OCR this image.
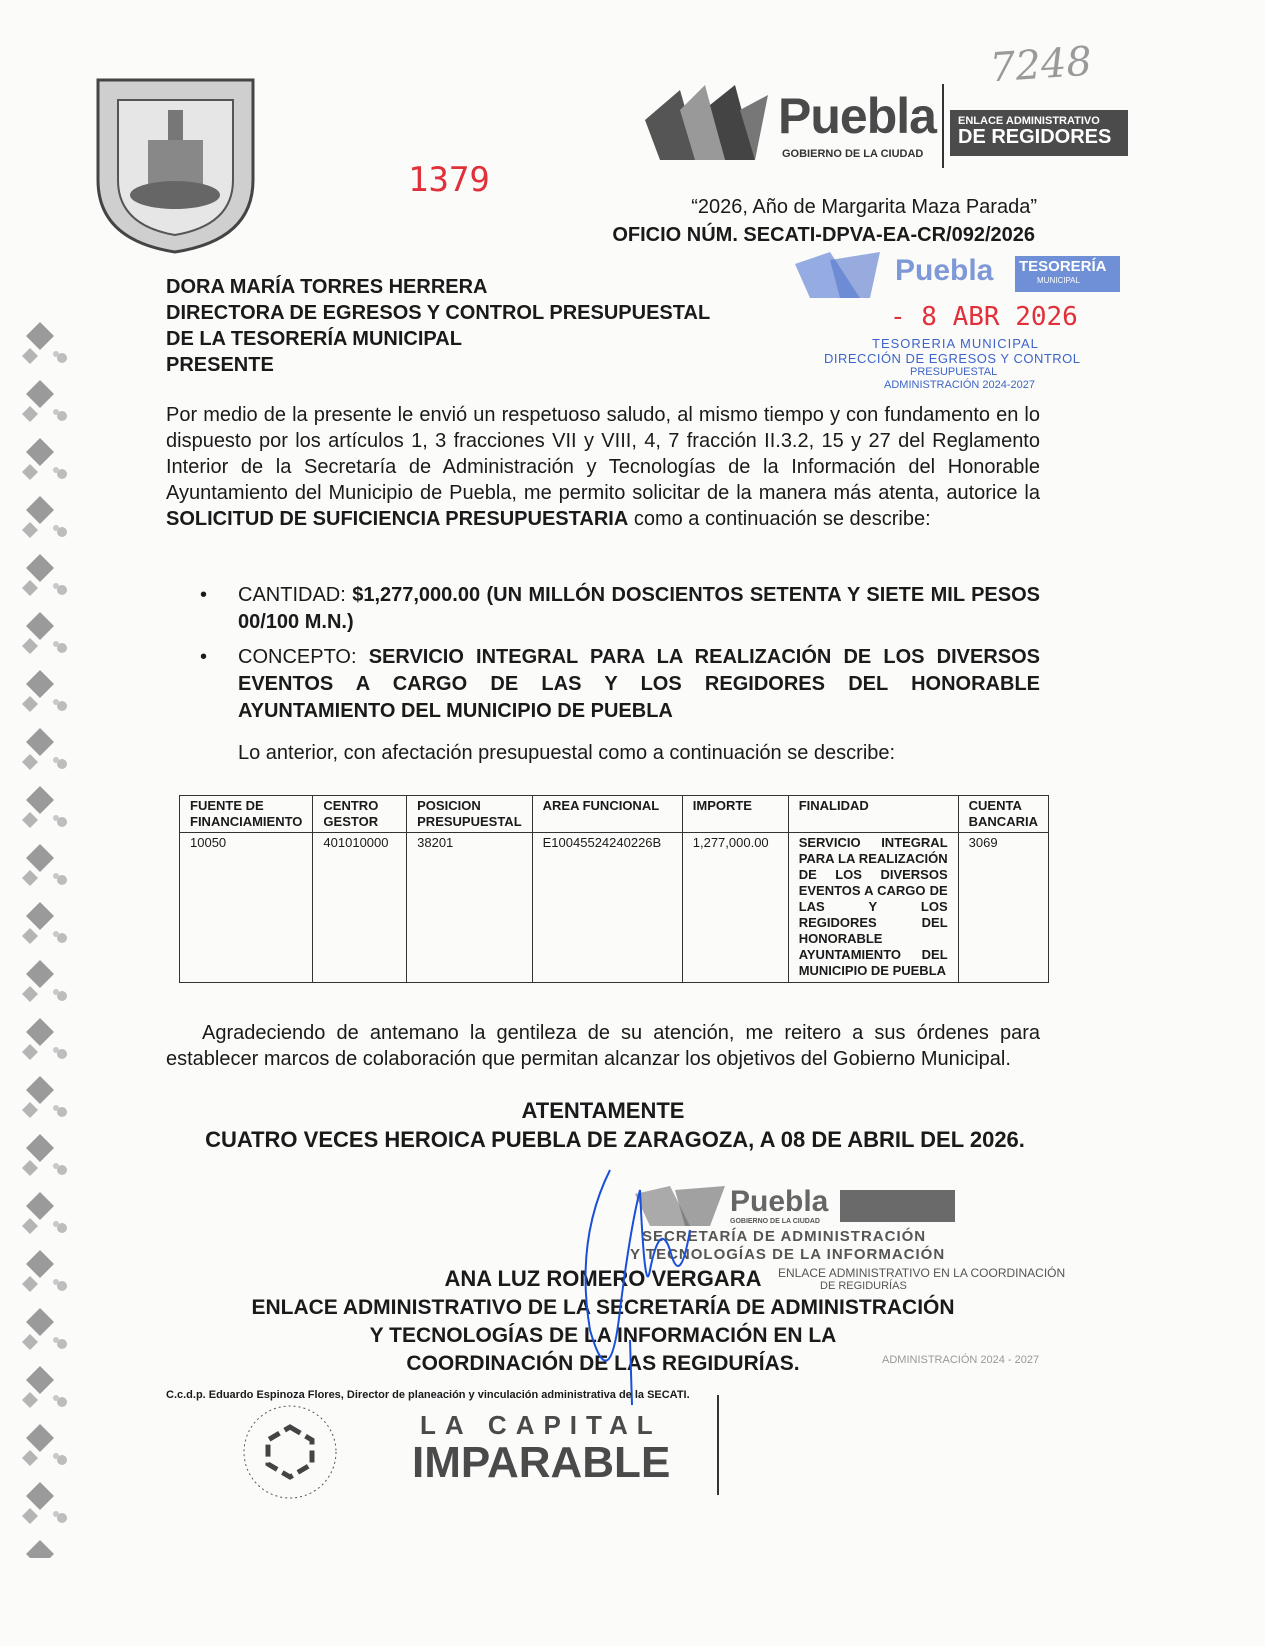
7248
1379
Puebla
GOBIERNO DE LA CIUDAD
ENLACE ADMINISTRATIVO
DE REGIDORES
“2026, Año de Margarita Maza Parada”
OFICIO NÚM. SECATI-DPVA-EA-CR/092/2026
DORA MARÍA TORRES HERRERA
DIRECTORA DE EGRESOS Y CONTROL PRESUPUESTAL
DE LA TESORERÍA MUNICIPAL
PRESENTE
Puebla TESORERÍA
MUNICIPAL
- 8 ABR 2026
TESORERIA MUNICIPAL
DIRECCIÓN DE EGRESOS Y CONTROL
PRESUPUESTAL
ADMINISTRACIÓN 2024-2027
Por medio de la presente le envió un respetuoso saludo, al mismo tiempo y con fundamento en lo dispuesto por los artículos 1, 3 fracciones VII y VIII, 4, 7 fracción II.3.2, 15 y 27 del Reglamento Interior de la Secretaría de Administración y Tecnologías de la Información del Honorable Ayuntamiento del Municipio de Puebla, me permito solicitar de la manera más atenta, autorice la SOLICITUD DE SUFICIENCIA PRESUPUESTARIA como a continuación se describe:
•	CANTIDAD: $1,277,000.00 (UN MILLÓN DOSCIENTOS SETENTA Y SIETE MIL PESOS 00/100 M.N.)
•	CONCEPTO: SERVICIO INTEGRAL PARA LA REALIZACIÓN DE LOS DIVERSOS EVENTOS A CARGO DE LAS Y LOS REGIDORES DEL HONORABLE AYUNTAMIENTO DEL MUNICIPIO DE PUEBLA
Lo anterior, con afectación presupuestal como a continuación se describe:
FUENTE DE FINANCIAMIENTO	CENTRO GESTOR	POSICION PRESUPUESTAL	AREA FUNCIONAL	IMPORTE	FINALIDAD	CUENTA BANCARIA
10050	401010000	38201	E10045524240226B	1,277,000.00	SERVICIO INTEGRAL PARA LA REALIZACIÓN DE LOS DIVERSOS EVENTOS A CARGO DE LAS Y LOS REGIDORES DEL HONORABLE AYUNTAMIENTO DEL MUNICIPIO DE PUEBLA	3069
Agradeciendo de antemano la gentileza de su atención, me reitero a sus órdenes para establecer marcos de colaboración que permitan alcanzar los objetivos del Gobierno Municipal.
ATENTAMENTE
CUATRO VECES HEROICA PUEBLA DE ZARAGOZA, A 08 DE ABRIL DEL 2026.
Puebla
GOBIERNO DE LA CIUDAD
SECRETARÍA DE ADMINISTRACIÓN
Y TECNOLOGÍAS DE LA INFORMACIÓN
ENLACE ADMINISTRATIVO EN LA COORDINACIÓN
DE REGIDURÍAS
ADMINISTRACIÓN 2024 - 2027
ANA LUZ ROMERO VERGARA
ENLACE ADMINISTRATIVO DE LA SECRETARÍA DE ADMINISTRACIÓN
Y TECNOLOGÍAS DE LA INFORMACIÓN EN LA
COORDINACIÓN DE LAS REGIDURÍAS.
C.c.d.p. Eduardo Espinoza Flores, Director de planeación y vinculación administrativa de la SECATI.
LA CAPITAL
IMPARABLE
